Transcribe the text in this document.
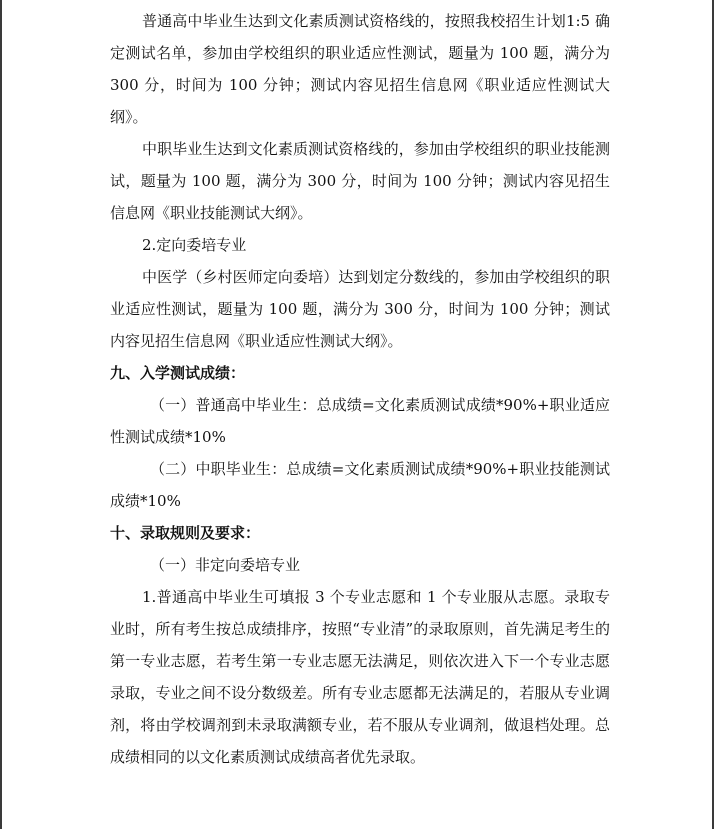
普通高中毕业生达到文化素质测试资格线的，按照我校招生计划1:5 确定测试名单，参加由学校组织的职业适应性测试，题量为 100 题，满分为 300 分，时间为 100 分钟；测试内容见招生信息网《职业适应性测试大纲》。

中职毕业生达到文化素质测试资格线的，参加由学校组织的职业技能测试，题量为 100 题，满分为 300 分，时间为 100 分钟；测试内容见招生信息网《职业技能测试大纲》。

2.定向委培专业

中医学（乡村医师定向委培）达到划定分数线的，参加由学校组织的职业适应性测试，题量为 100 题，满分为 300 分，时间为 100 分钟；测试内容见招生信息网《职业适应性测试大纲》。

九、入学测试成绩：

（一）普通高中毕业生：总成绩=文化素质测试成绩*90%+职业适应性测试成绩*10%

（二）中职毕业生：总成绩=文化素质测试成绩*90%+职业技能测试成绩*10%

十、录取规则及要求：

（一）非定向委培专业

1.普通高中毕业生可填报 3 个专业志愿和 1 个专业服从志愿。录取专业时，所有考生按总成绩排序，按照“专业清”的录取原则，首先满足考生的第一专业志愿，若考生第一专业志愿无法满足，则依次进入下一个专业志愿录取，专业之间不设分数级差。所有专业志愿都无法满足的，若服从专业调剂，将由学校调剂到未录取满额专业，若不服从专业调剂，做退档处理。总成绩相同的以文化素质测试成绩高者优先录取。
